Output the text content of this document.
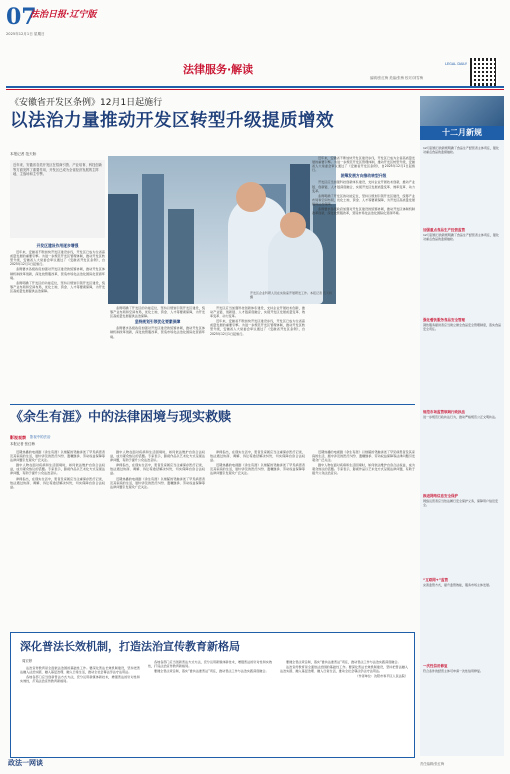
07
法治日报·辽宁版
2025年12月1日 星期日
法律服务·解读	LEGAL DAILY
编辑/张红梅 美编/张梅 校对/刘雪梅
《安徽省开发区条例》12月1日起施行
以法治力量推动开发区转型升级提质增效
本报记者 范天娇
近年来，安徽省各类开发区在招商引资、产业培育、科技创新等方面发挥了重要作用，开发区已成为全省经济发展的主阵地、主战场和主引擎。
开发区企业科研人员在实验室开展研发工作。本报记者 范天娇 摄
开发区建设作用逐步增强

近年来，安徽省不断加快开发区建设步伐，开发区已成为全省高质量发展的重要引擎。为进一步规范开发区管理体制，推动开发区转型升级，安徽省人大常委会审议通过了《安徽省开发区条例》，自2025年12月1日起施行。

条例要求各级政府加强对开发区建设的统筹协调，推动开发区体制机制改革创新，深化放管服改革，营造市场化法治化国际化营商环境。

条例明确了开发区的功能定位，坚持以规划引领开发区建设，统筹产业布局和空间布局，优化土地、资金、人才等要素保障，为开发区高质量发展提供法治保障。

条例明确了开发区的功能定位，坚持以规划引领开发区建设，统筹产业布局和空间布局，优化土地、资金、人才等要素保障，为开发区高质量发展提供法治保障。

坚持规划引领优化要素保障

条例要求各级政府加强对开发区建设的统筹协调，推动开发区体制机制改革创新，深化放管服改革，营造市场化法治化国际化营商环境。

开发区应当加强科技创新体系建设，支持企业开展技术创新，推动产业链、创新链、人才链深度融合，实现开发区发展质量变革、效率变革、动力变革。

近年来，安徽省不断加快开发区建设步伐，开发区已成为全省高质量发展的重要引擎。为进一步规范开发区管理体制，推动开发区转型升级，安徽省人大常委会审议通过了《安徽省开发区条例》，自2025年12月1日起施行。

近年来，安徽省不断加快开发区建设步伐，开发区已成为全省高质量发展的重要引擎。为进一步规范开发区管理体制，推动开发区转型升级，安徽省人大常委会审议通过了《安徽省开发区条例》，自2025年12月1日起施行。

统筹发展方向推动转型升级

开发区应当加强科技创新体系建设，支持企业开展技术创新，推动产业链、创新链、人才链深度融合，实现开发区发展质量变革、效率变革、动力变革。

条例明确了开发区的功能定位，坚持以规划引领开发区建设，统筹产业布局和空间布局，优化土地、资金、人才等要素保障，为开发区高质量发展提供法治保障。

条例要求各级政府加强对开发区建设的统筹协调，推动开发区体制机制改革创新，深化放管服改革，营造市场化法治化国际化营商环境。

《余生有涯》中的法律困境与现实救赎
影视观察 影视中的法治
本报记者 张红梅

近期热播的电视剧《余生有涯》以细腻的笔触讲述了罕见病患者及其家庭的生活，剧中涉及的医疗纠纷、遗嘱继承、劳动权益保障等法律问题引发观众广泛关注。

剧中人物在面对疾病和生活困境时，如何依法维护自身合法权益，成为观众热议的话题。专家表示，影视作品以艺术化方式呈现法律问题，有助于提升公众法治意识。

律师指出，在现实生活中，患者及家属应当注重保存医疗记录，依法通过协商、调解、诉讼等途径解决纠纷，切实保障自身合法权益。

剧中人物在面对疾病和生活困境时，如何依法维护自身合法权益，成为观众热议的话题。专家表示，影视作品以艺术化方式呈现法律问题，有助于提升公众法治意识。

律师指出，在现实生活中，患者及家属应当注重保存医疗记录，依法通过协商、调解、诉讼等途径解决纠纷，切实保障自身合法权益。

近期热播的电视剧《余生有涯》以细腻的笔触讲述了罕见病患者及其家庭的生活，剧中涉及的医疗纠纷、遗嘱继承、劳动权益保障等法律问题引发观众广泛关注。

律师指出，在现实生活中，患者及家属应当注重保存医疗记录，依法通过协商、调解、诉讼等途径解决纠纷，切实保障自身合法权益。

近期热播的电视剧《余生有涯》以细腻的笔触讲述了罕见病患者及其家庭的生活，剧中涉及的医疗纠纷、遗嘱继承、劳动权益保障等法律问题引发观众广泛关注。

近期热播的电视剧《余生有涯》以细腻的笔触讲述了罕见病患者及其家庭的生活，剧中涉及的医疗纠纷、遗嘱继承、劳动权益保障等法律问题引发观众广泛关注。

剧中人物在面对疾病和生活困境时，如何依法维护自身合法权益，成为观众热议的话题。专家表示，影视作品以艺术化方式呈现法律问题，有助于提升公众法治意识。

十二月新规
12月起施行的新规明确了食品生产经营者主体责任，强化对重点食品的监督抽检。
加强重点食品生产经营监管
12月起施行的新规明确了食品生产经营者主体责任，强化对重点食品的监督抽检。
强化餐饮服务食品安全管理
餐饮服务提供者应当建立健全食品安全管理制度，落实食品安全责任。
规范市场监管领域行政执法
进一步规范行政执法行为，推动严格规范公正文明执法。
推进网络信息安全保护
网络运营者应当依法履行安全保护义务，保障用户信息安全。
“互联网+”监管
完善监管方式，提升监管效能，服务市场主体发展。
一次性信用修复
符合条件的经营主体可申请一次性信用修复。
深化普法长效机制，打造法治宣传教育新格局
周宏婷

法治宣传教育是全面依法治国的基础性工作。要深化普法长效机制建设，坚持把普法融入法治实践、融入基层治理、融入日常生活，推动全社会尊法学法守法用法。

各地各部门应当创新普法方式方法，充分运用新媒体新技术，增强普法的针对性和实效性，打造法治宣传教育新格局。

各地各部门应当创新普法方式方法，充分运用新媒体新技术，增强普法的针对性和实效性，打造法治宣传教育新格局。

要健全普法责任制，落实“谁执法谁普法”责任，推动普法工作与法治实践深度融合。

要健全普法责任制，落实“谁执法谁普法”责任，推动普法工作与法治实践深度融合。

法治宣传教育是全面依法治国的基础性工作。要深化普法长效机制建设，坚持把普法融入法治实践、融入基层治理、融入日常生活，推动全社会尊法学法守法用法。

（作者单位：沈阳市和平区人民法院）

政法一网谈	责任编辑/张红梅
